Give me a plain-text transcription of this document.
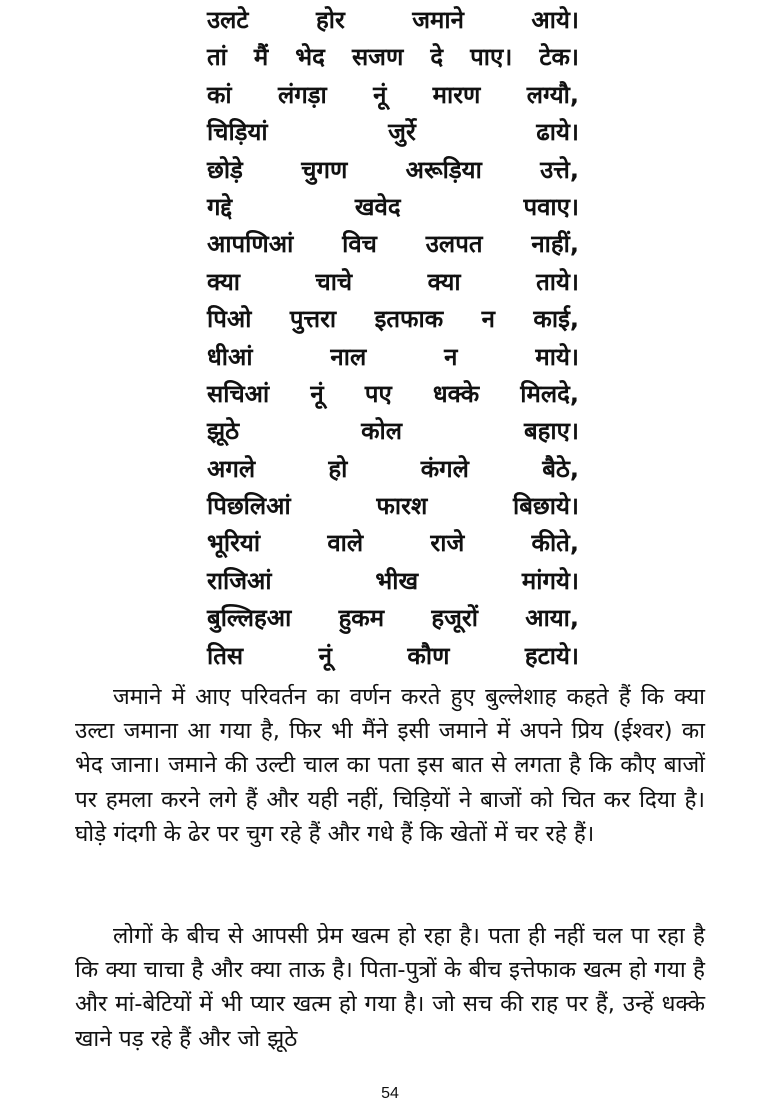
उलटे	होर	जमाने	आये।
तां मैं भेद सजण दे पाए। टेक।
कां लंगड़ा नूं मारण लग्यौ,
चिड़ियां	जुर्रे	ढाये।
छोड़े चुगण अरूड़िया उत्ते,
गद्दे	खवेद	पवाए।
आपणिआं विच उलपत नाहीं,
क्या	चाचे	क्या	ताये।
पिओ पुत्तरा इतफाक न काई,
धीआं	नाल	न	माये।
सचिआं नूं पए धक्के मिलदे,
झूठे	कोल	बहाए।
अगले	हो	कंगले	बैठे,
पिछलिआं	फारश	बिछाये।
भूरियां	वाले	राजे	कीते,
राजिआं	भीख	मांगये।
बुल्लिहआ हुकम हजूरों आया,
तिस	नूं	कौण	हटाये।

जमाने में आए परिवर्तन का वर्णन करते हुए बुल्लेशाह कहते हैं कि क्या उल्टा जमाना आ गया है, फिर भी मैंने इसी जमाने में अपने प्रिय (ईश्वर) का भेद जाना। जमाने की उल्टी चाल का पता इस बात से लगता है कि कौए बाजों पर हमला करने लगे हैं और यही नहीं, चिड़ियों ने बाजों को चित कर दिया है। घोड़े गंदगी के ढेर पर चुग रहे हैं और गधे हैं कि खेतों में चर रहे हैं।

लोगों के बीच से आपसी प्रेम खत्म हो रहा है। पता ही नहीं चल पा रहा है कि क्या चाचा है और क्या ताऊ है। पिता-पुत्रों के बीच इत्तेफाक खत्म हो गया है और मां-बेटियों में भी प्यार खत्म हो गया है। जो सच की राह पर हैं, उन्हें धक्के खाने पड़ रहे हैं और जो झूठे

54
